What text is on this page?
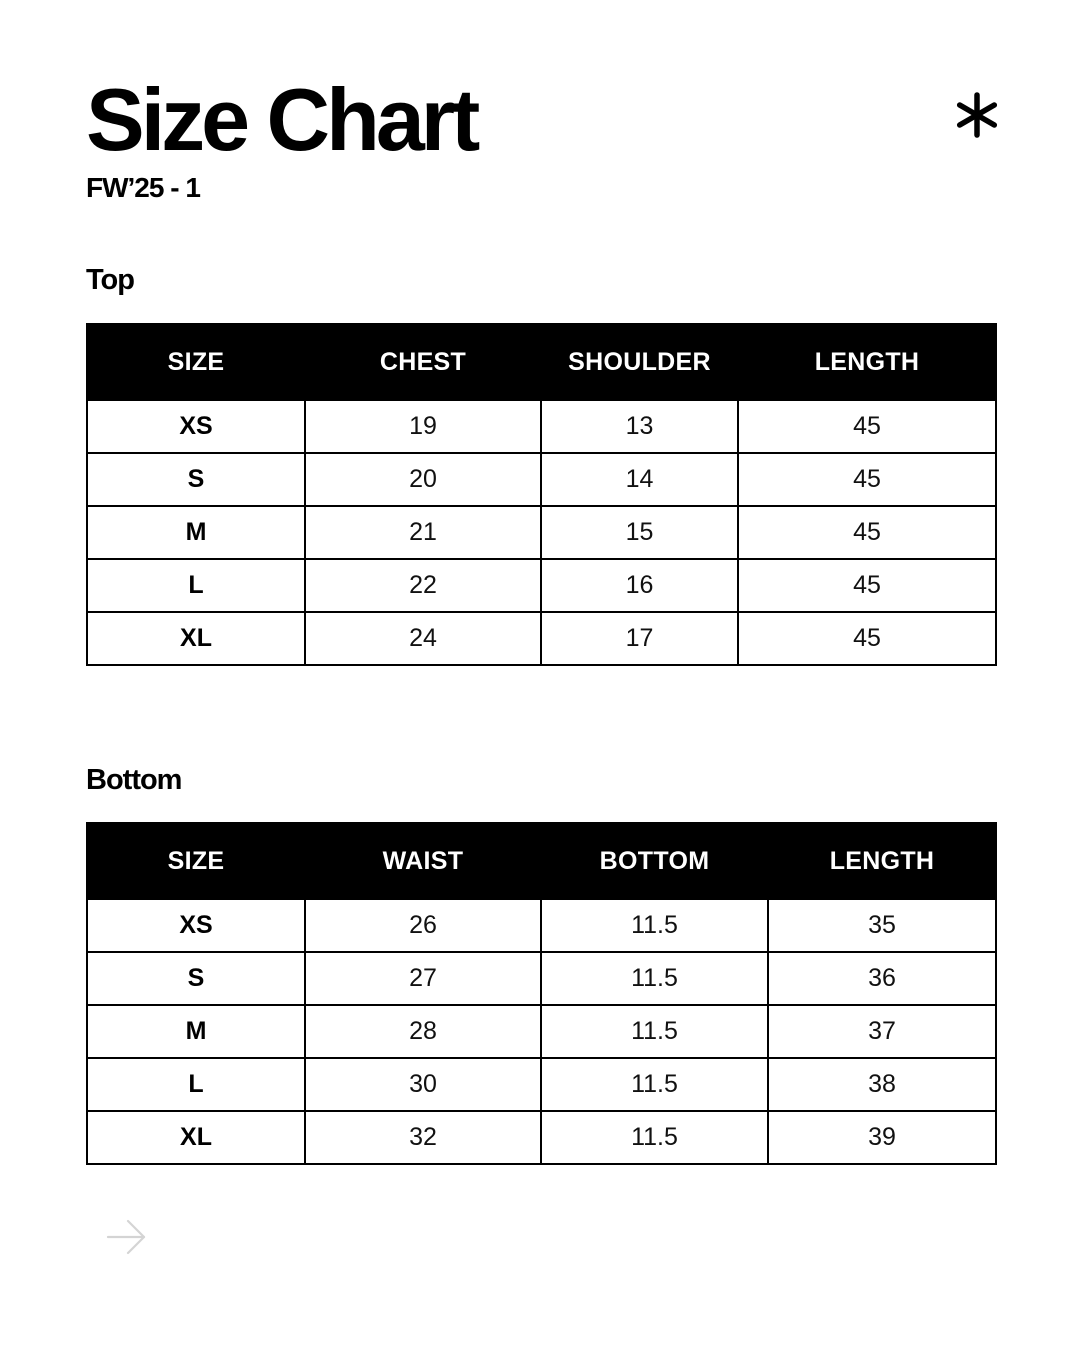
Size Chart
FW’25 - 1
Top
SIZE	CHEST	SHOULDER	LENGTH
XS	19	13	45
S	20	14	45
M	21	15	45
L	22	16	45
XL	24	17	45
Bottom
SIZE	WAIST	BOTTOM	LENGTH
XS	26	11.5	35
S	27	11.5	36
M	28	11.5	37
L	30	11.5	38
XL	32	11.5	39
